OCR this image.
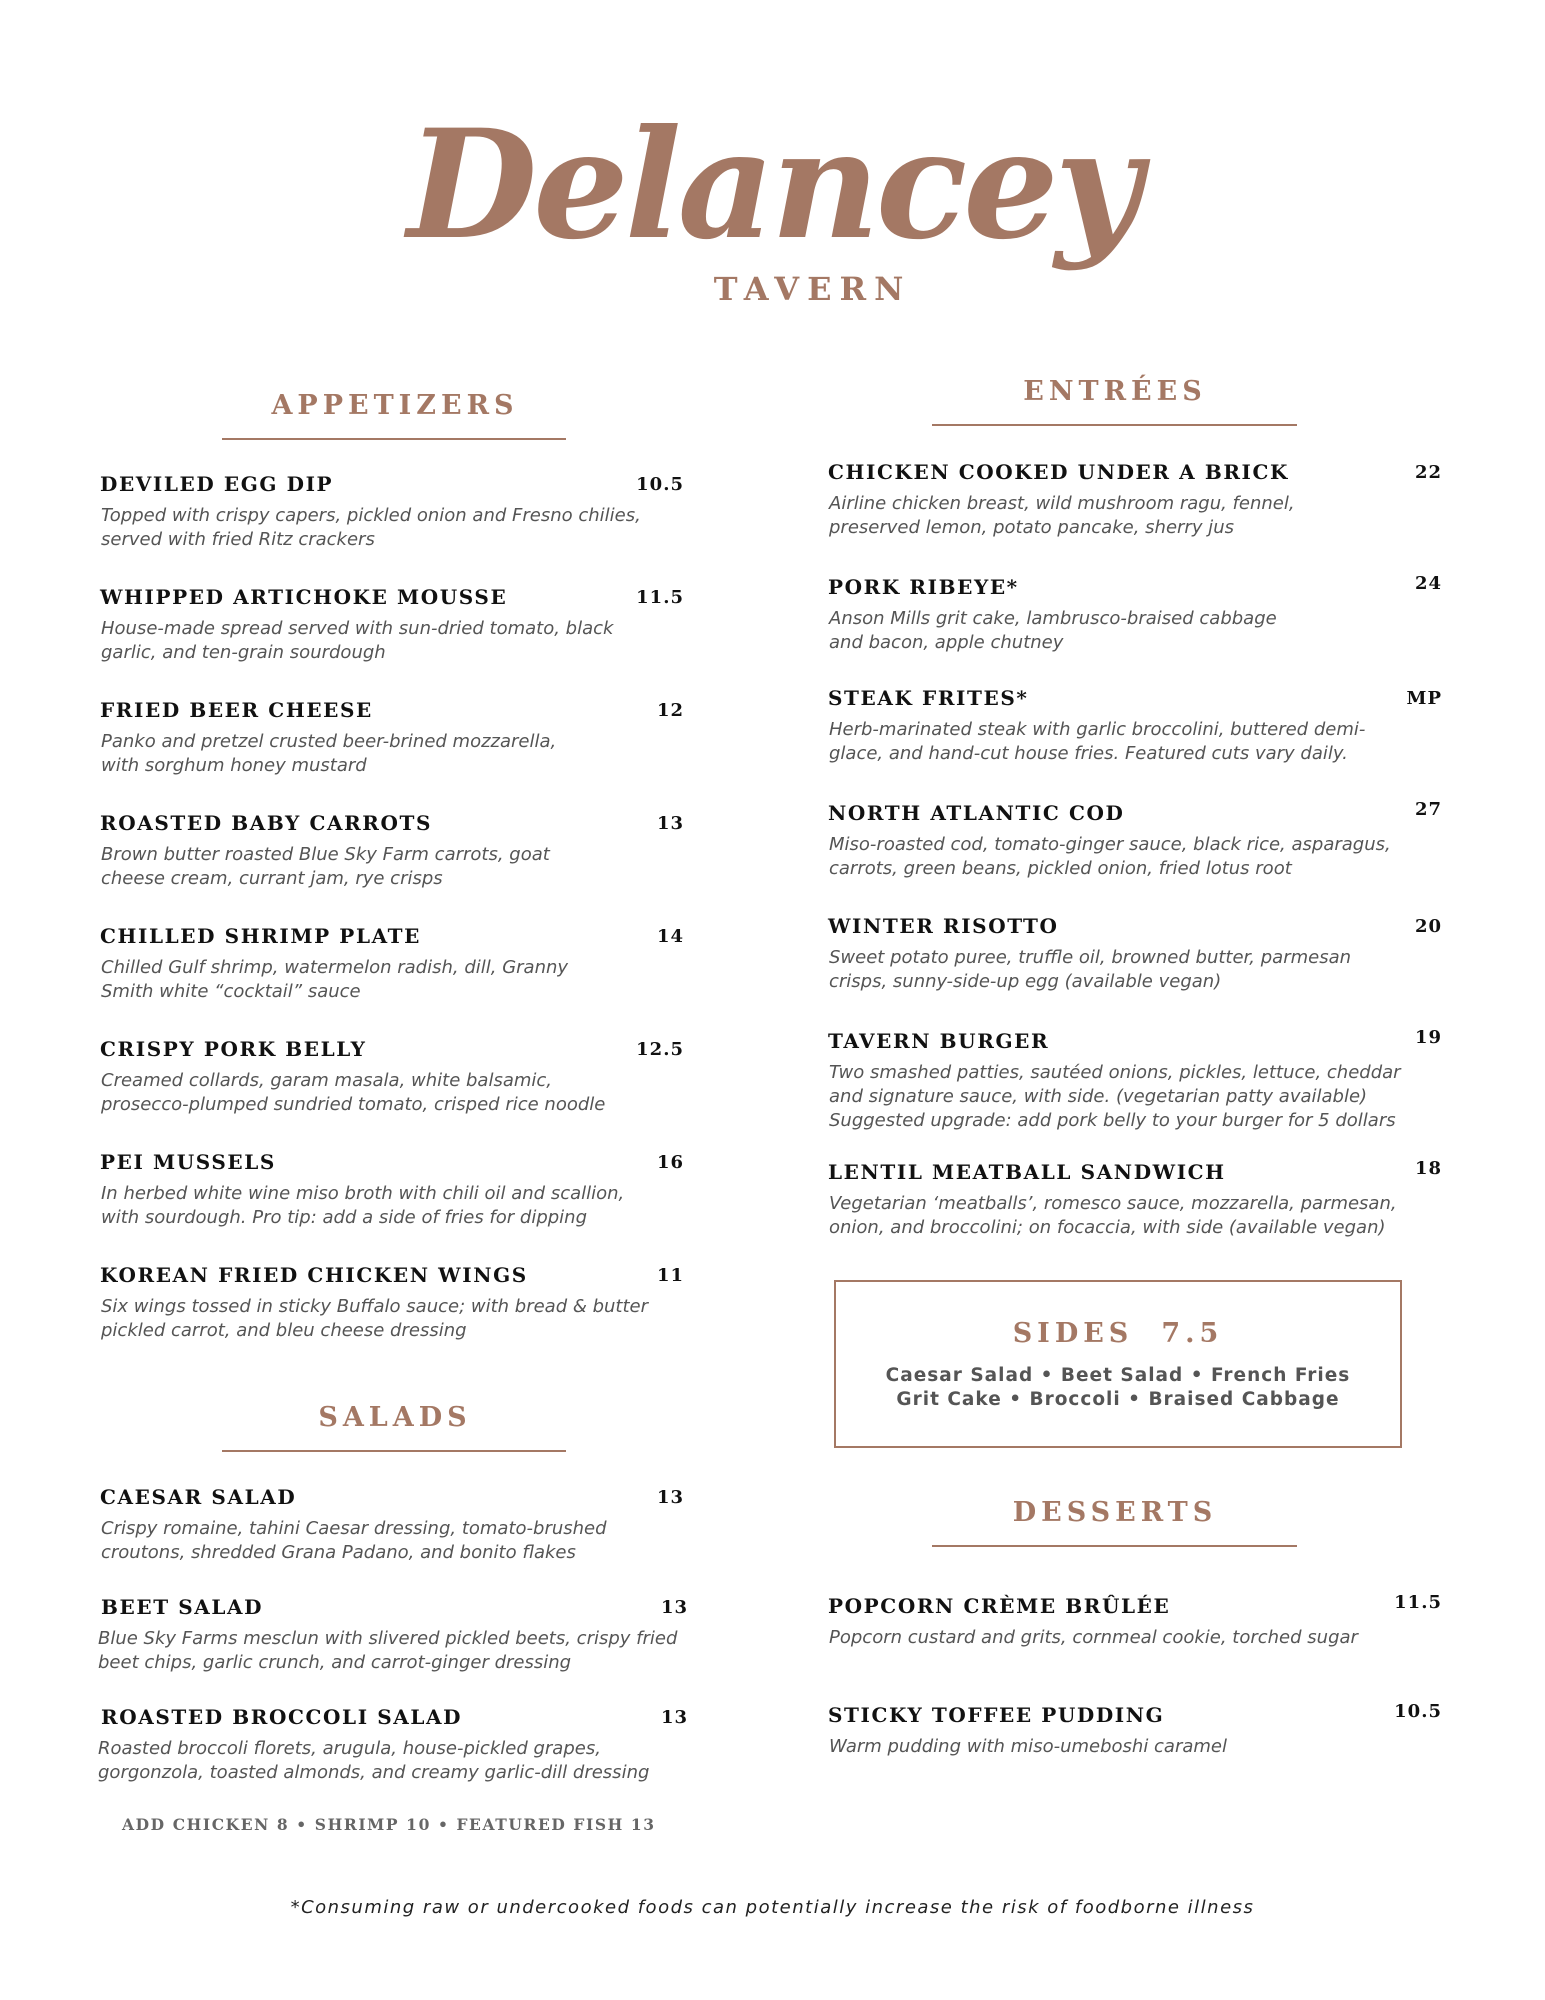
Delancey
TAVERN
APPETIZERS	ENTRÉES
SALADS
DESSERTS
DEVILED EGG DIP	10.5
Topped with crispy capers, pickled onion and Fresno chilies,
served with fried Ritz crackers
WHIPPED ARTICHOKE MOUSSE	11.5
House-made spread served with sun-dried tomato, black
garlic, and ten-grain sourdough
FRIED BEER CHEESE	12
Panko and pretzel crusted beer-brined mozzarella,
with sorghum honey mustard
ROASTED BABY CARROTS	13
Brown butter roasted Blue Sky Farm carrots, goat
cheese cream, currant jam, rye crisps
CHILLED SHRIMP PLATE	14
Chilled Gulf shrimp, watermelon radish, dill, Granny
Smith white “cocktail” sauce
CRISPY PORK BELLY	12.5
Creamed collards, garam masala, white balsamic,
prosecco-plumped sundried tomato, crisped rice noodle
PEI MUSSELS	16
In herbed white wine miso broth with chili oil and scallion,
with sourdough. Pro tip: add a side of fries for dipping
KOREAN FRIED CHICKEN WINGS	11
Six wings tossed in sticky Buffalo sauce; with bread & butter
pickled carrot, and bleu cheese dressing
CAESAR SALAD	13
Crispy romaine, tahini Caesar dressing, tomato-brushed
croutons, shredded Grana Padano, and bonito flakes
BEET SALAD	13
Blue Sky Farms mesclun with slivered pickled beets, crispy fried
beet chips, garlic crunch, and carrot-ginger dressing
ROASTED BROCCOLI SALAD	13
Roasted broccoli florets, arugula, house-pickled grapes,
gorgonzola, toasted almonds, and creamy garlic-dill dressing
ADD CHICKEN 8 • SHRIMP 10 • FEATURED FISH 13
CHICKEN COOKED UNDER A BRICK	22
Airline chicken breast, wild mushroom ragu, fennel,
preserved lemon, potato pancake, sherry jus
PORK RIBEYE*	24
Anson Mills grit cake, lambrusco-braised cabbage
and bacon, apple chutney
STEAK FRITES*	MP
Herb-marinated steak with garlic broccolini, buttered demi-
glace, and hand-cut house fries. Featured cuts vary daily.
NORTH ATLANTIC COD	27
Miso-roasted cod, tomato-ginger sauce, black rice, asparagus,
carrots, green beans, pickled onion, fried lotus root
WINTER RISOTTO	20
Sweet potato puree, truffle oil, browned butter, parmesan
crisps, sunny-side-up egg (available vegan)
TAVERN BURGER	19
Two smashed patties, sautéed onions, pickles, lettuce, cheddar
and signature sauce, with side. (vegetarian patty available)
Suggested upgrade: add pork belly to your burger for 5 dollars
LENTIL MEATBALL SANDWICH	18
Vegetarian ‘meatballs’, romesco sauce, mozzarella, parmesan,
onion, and broccolini; on focaccia, with side (available vegan)
SIDES 7.5
Caesar Salad • Beet Salad • French Fries
Grit Cake • Broccoli • Braised Cabbage
POPCORN CRÈME BRÛLÉE	11.5
Popcorn custard and grits, cornmeal cookie, torched sugar
STICKY TOFFEE PUDDING	10.5
Warm pudding with miso-umeboshi caramel
*Consuming raw or undercooked foods can potentially increase the risk of foodborne illness
